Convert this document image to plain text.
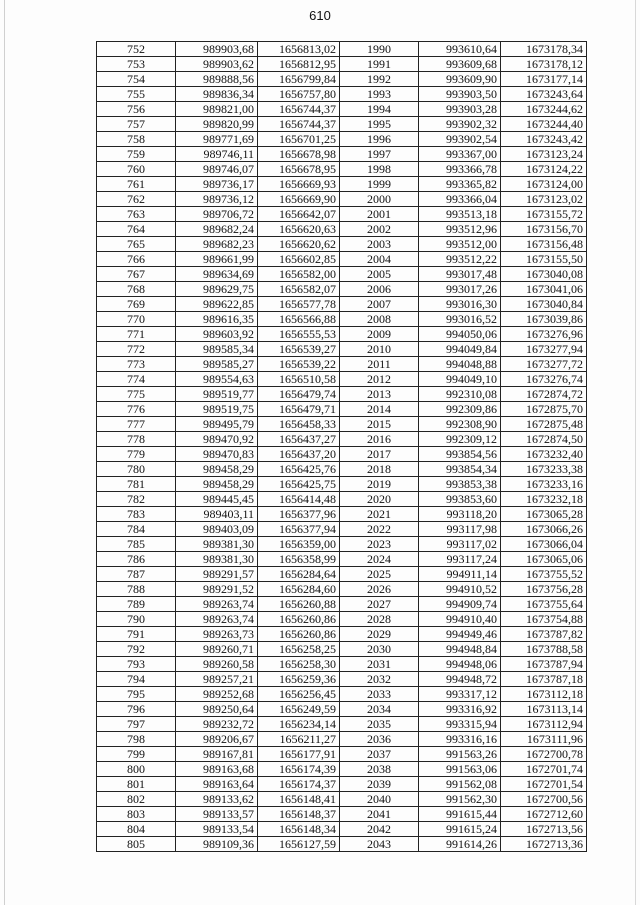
610
752	989903,68	1656813,02	1990	993610,64	1673178,34
753	989903,62	1656812,95	1991	993609,68	1673178,12
754	989888,56	1656799,84	1992	993609,90	1673177,14
755	989836,34	1656757,80	1993	993903,50	1673243,64
756	989821,00	1656744,37	1994	993903,28	1673244,62
757	989820,99	1656744,37	1995	993902,32	1673244,40
758	989771,69	1656701,25	1996	993902,54	1673243,42
759	989746,11	1656678,98	1997	993367,00	1673123,24
760	989746,07	1656678,95	1998	993366,78	1673124,22
761	989736,17	1656669,93	1999	993365,82	1673124,00
762	989736,12	1656669,90	2000	993366,04	1673123,02
763	989706,72	1656642,07	2001	993513,18	1673155,72
764	989682,24	1656620,63	2002	993512,96	1673156,70
765	989682,23	1656620,62	2003	993512,00	1673156,48
766	989661,99	1656602,85	2004	993512,22	1673155,50
767	989634,69	1656582,00	2005	993017,48	1673040,08
768	989629,75	1656582,07	2006	993017,26	1673041,06
769	989622,85	1656577,78	2007	993016,30	1673040,84
770	989616,35	1656566,88	2008	993016,52	1673039,86
771	989603,92	1656555,53	2009	994050,06	1673276,96
772	989585,34	1656539,27	2010	994049,84	1673277,94
773	989585,27	1656539,22	2011	994048,88	1673277,72
774	989554,63	1656510,58	2012	994049,10	1673276,74
775	989519,77	1656479,74	2013	992310,08	1672874,72
776	989519,75	1656479,71	2014	992309,86	1672875,70
777	989495,79	1656458,33	2015	992308,90	1672875,48
778	989470,92	1656437,27	2016	992309,12	1672874,50
779	989470,83	1656437,20	2017	993854,56	1673232,40
780	989458,29	1656425,76	2018	993854,34	1673233,38
781	989458,29	1656425,75	2019	993853,38	1673233,16
782	989445,45	1656414,48	2020	993853,60	1673232,18
783	989403,11	1656377,96	2021	993118,20	1673065,28
784	989403,09	1656377,94	2022	993117,98	1673066,26
785	989381,30	1656359,00	2023	993117,02	1673066,04
786	989381,30	1656358,99	2024	993117,24	1673065,06
787	989291,57	1656284,64	2025	994911,14	1673755,52
788	989291,52	1656284,60	2026	994910,52	1673756,28
789	989263,74	1656260,88	2027	994909,74	1673755,64
790	989263,74	1656260,86	2028	994910,40	1673754,88
791	989263,73	1656260,86	2029	994949,46	1673787,82
792	989260,71	1656258,25	2030	994948,84	1673788,58
793	989260,58	1656258,30	2031	994948,06	1673787,94
794	989257,21	1656259,36	2032	994948,72	1673787,18
795	989252,68	1656256,45	2033	993317,12	1673112,18
796	989250,64	1656249,59	2034	993316,92	1673113,14
797	989232,72	1656234,14	2035	993315,94	1673112,94
798	989206,67	1656211,27	2036	993316,16	1673111,96
799	989167,81	1656177,91	2037	991563,26	1672700,78
800	989163,68	1656174,39	2038	991563,06	1672701,74
801	989163,64	1656174,37	2039	991562,08	1672701,54
802	989133,62	1656148,41	2040	991562,30	1672700,56
803	989133,57	1656148,37	2041	991615,44	1672712,60
804	989133,54	1656148,34	2042	991615,24	1672713,56
805	989109,36	1656127,59	2043	991614,26	1672713,36
